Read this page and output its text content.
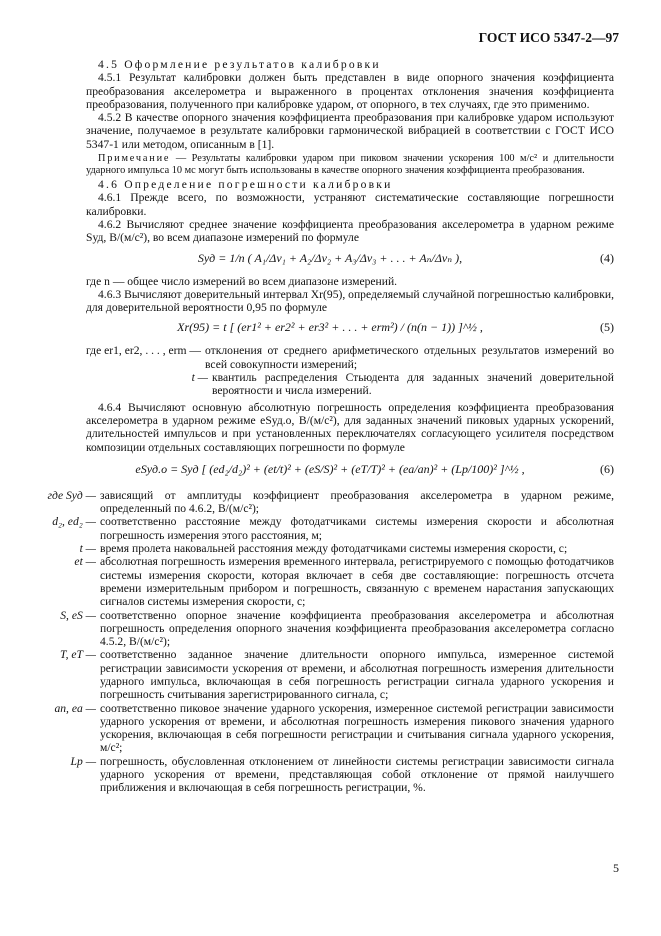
ГОСТ ИСО 5347-2—97
4.5 Оформление результатов калибровки
4.5.1 Результат калибровки должен быть представлен в виде опорного значения коэффициента преобразования акселерометра и выраженного в процентах отклонения значения коэффициента преобразования, полученного при калибровке ударом, от опорного, в тех случаях, где это применимо.
4.5.2 В качестве опорного значения коэффициента преобразования при калибровке ударом используют значение, получаемое в результате калибровки гармонической вибрацией в соответствии с ГОСТ ИСО 5347-1 или методом, описанным в [1].
Примечание — Результаты калибровки ударом при пиковом значении ускорения 100 м/с² и длительности ударного импульса 10 мс могут быть использованы в качестве опорного значения коэффициента преобразования.
4.6 Определение погрешности калибровки
4.6.1 Прежде всего, по возможности, устраняют систематические составляющие погрешности калибровки.
4.6.2 Вычисляют среднее значение коэффициента преобразования акселерометра в ударном режиме Sуд, В/(м/с²), во всем диапазоне измерений по формуле
Sуд = 1/n ( A₁/Δv₁ + A₂/Δv₂ + A₃/Δv₃ + . . . + Aₙ/Δvₙ ),	(4)
где n — общее число измерений во всем диапазоне измерений.
4.6.3 Вычисляют доверительный интервал Xr(95), определяемый случайной погрешностью калибровки, для доверительной вероятности 0,95 по формуле
Xr(95) = t [ (er1² + er2² + er3² + . . . + erm²) / (n(n − 1)) ]^½ ,	(5)
где er1, er2, . . . , erm — отклонения от среднего арифметического отдельных результатов измерений во всей совокупности измерений;
t — квантиль распределения Стьюдента для заданных значений доверительной вероятности и числа измерений.
4.6.4 Вычисляют основную абсолютную погрешность определения коэффициента преобразования акселерометра в ударном режиме eSуд.о, В/(м/с²), для заданных значений пиковых ударных ускорений, длительностей импульсов и при установленных переключателях согласующего усилителя посредством композиции отдельных составляющих погрешности по формуле
eSуд.о = Sуд [ (ed₂/d₂)² + (et/t)² + (eS/S)² + (eT/T)² + (ea/aп)² + (Lр/100)² ]^½ ,	(6)
где Sуд — зависящий от амплитуды коэффициент преобразования акселерометра в ударном режиме, определенный по 4.6.2, В/(м/с²);
d₂, ed₂ — соответственно расстояние между фотодатчиками системы измерения скорости и абсолютная погрешность измерения этого расстояния, м;
t — время пролета наковальней расстояния между фотодатчиками системы измерения скорости, с;
et — абсолютная погрешность измерения временного интервала, регистрируемого с помощью фотодатчиков системы измерения скорости, которая включает в себя две составляющие: погрешность отсчета времени измерительным прибором и погрешность, связанную с временем нарастания запускающих сигналов системы измерения скорости, с;
S, eS — соответственно опорное значение коэффициента преобразования акселерометра и абсолютная погрешность определения опорного значения коэффициента преобразования акселерометра согласно 4.5.2, В/(м/с²);
T, eT — соответственно заданное значение длительности опорного импульса, измеренное системой регистрации зависимости ускорения от времени, и абсолютная погрешность измерения длительности ударного импульса, включающая в себя погрешность регистрации сигнала ударного ускорения и погрешность считывания зарегистрированного сигнала, с;
aп, ea — соответственно пиковое значение ударного ускорения, измеренное системой регистрации зависимости ударного ускорения от времени, и абсолютная погрешность измерения пикового значения ударного ускорения, включающая в себя погрешности регистрации и считывания сигнала ударного ускорения, м/с²;
Lр — погрешность, обусловленная отклонением от линейности системы регистрации зависимости сигнала ударного ускорения от времени, представляющая собой отклонение от прямой наилучшего приближения и включающая в себя погрешность регистрации, %.
5
